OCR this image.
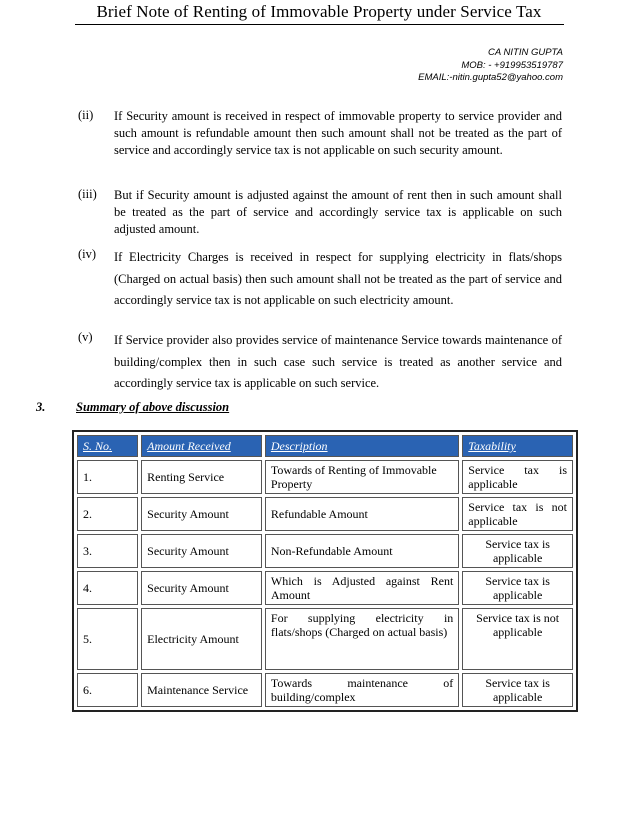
Brief Note of Renting of Immovable Property under Service Tax
CA NITIN GUPTA
MOB: - +919953519787
EMAIL:-nitin.gupta52@yahoo.com
(ii) If Security amount is received in respect of immovable property to service provider and such amount is refundable amount then such amount shall not be treated as the part of service and accordingly service tax is not applicable on such security amount.
(iii) But if Security amount is adjusted against the amount of rent then in such amount shall be treated as the part of service and accordingly service tax is applicable on such adjusted amount.
(iv) If Electricity Charges is received in respect for supplying electricity in flats/shops (Charged on actual basis) then such amount shall not be treated as the part of service and accordingly service tax is not applicable on such electricity amount.
(v) If Service provider also provides service of maintenance Service towards maintenance of building/complex then in such case such service is treated as another service and accordingly service tax is applicable on such service.
3. Summary of above discussion
S. No.	Amount Received	Description	Taxability
1.	Renting Service	Towards of Renting of Immovable Property	Service tax is applicable
2.	Security Amount	Refundable Amount	Service tax is not applicable
3.	Security Amount	Non-Refundable Amount	Service tax is applicable
4.	Security Amount	Which is Adjusted against Rent Amount	Service tax is applicable
5.	Electricity Amount	For supplying electricity in flats/shops (Charged on actual basis)	Service tax is not applicable
6.	Maintenance Service	Towards maintenance of building/complex	Service tax is applicable
